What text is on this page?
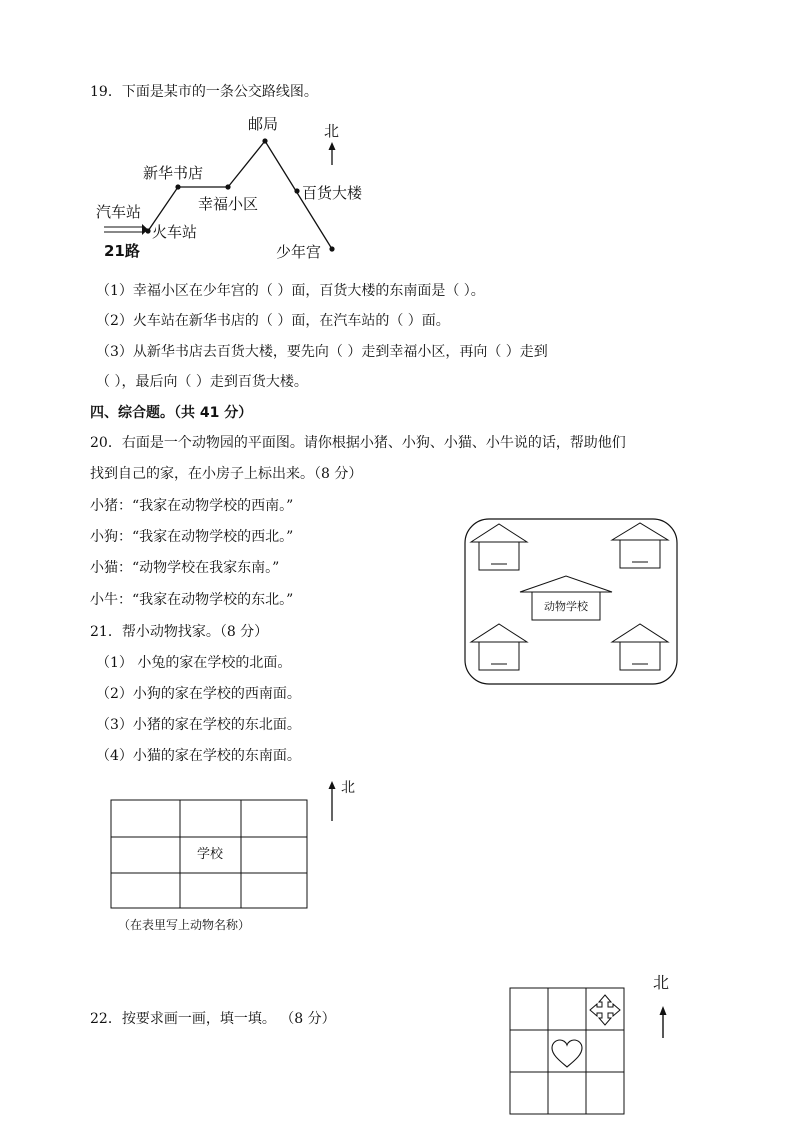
19．下面是某市的一条公交路线图。
邮局
新华书店
幸福小区
汽车站
火车站
百货大楼
少年宫
21路
北
（1）幸福小区在少年宫的（ ）面，百货大楼的东南面是（ ）。
（2）火车站在新华书店的（ ）面，在汽车站的（ ）面。
（3）从新华书店去百货大楼，要先向（ ）走到幸福小区，再向（ ）走到
（ ），最后向（ ）走到百货大楼。
四、综合题。（共 41 分）
20．右面是一个动物园的平面图。请你根据小猪、小狗、小猫、小牛说的话，帮助他们
找到自己的家，在小房子上标出来。（8 分）
小猪：“我家在动物学校的西南。”
小狗：“我家在动物学校的西北。”
小猫：“动物学校在我家东南。”
小牛：“我家在动物学校的东北。”	动物学校
21．帮小动物找家。（8 分）
（1） 小兔的家在学校的北面。
（2）小狗的家在学校的西南面。
（3）小猪的家在学校的东北面。
（4）小猫的家在学校的东南面。
学校
（在表里写上动物名称）
北
22．按要求画一画，填一填。 （8 分）
北
